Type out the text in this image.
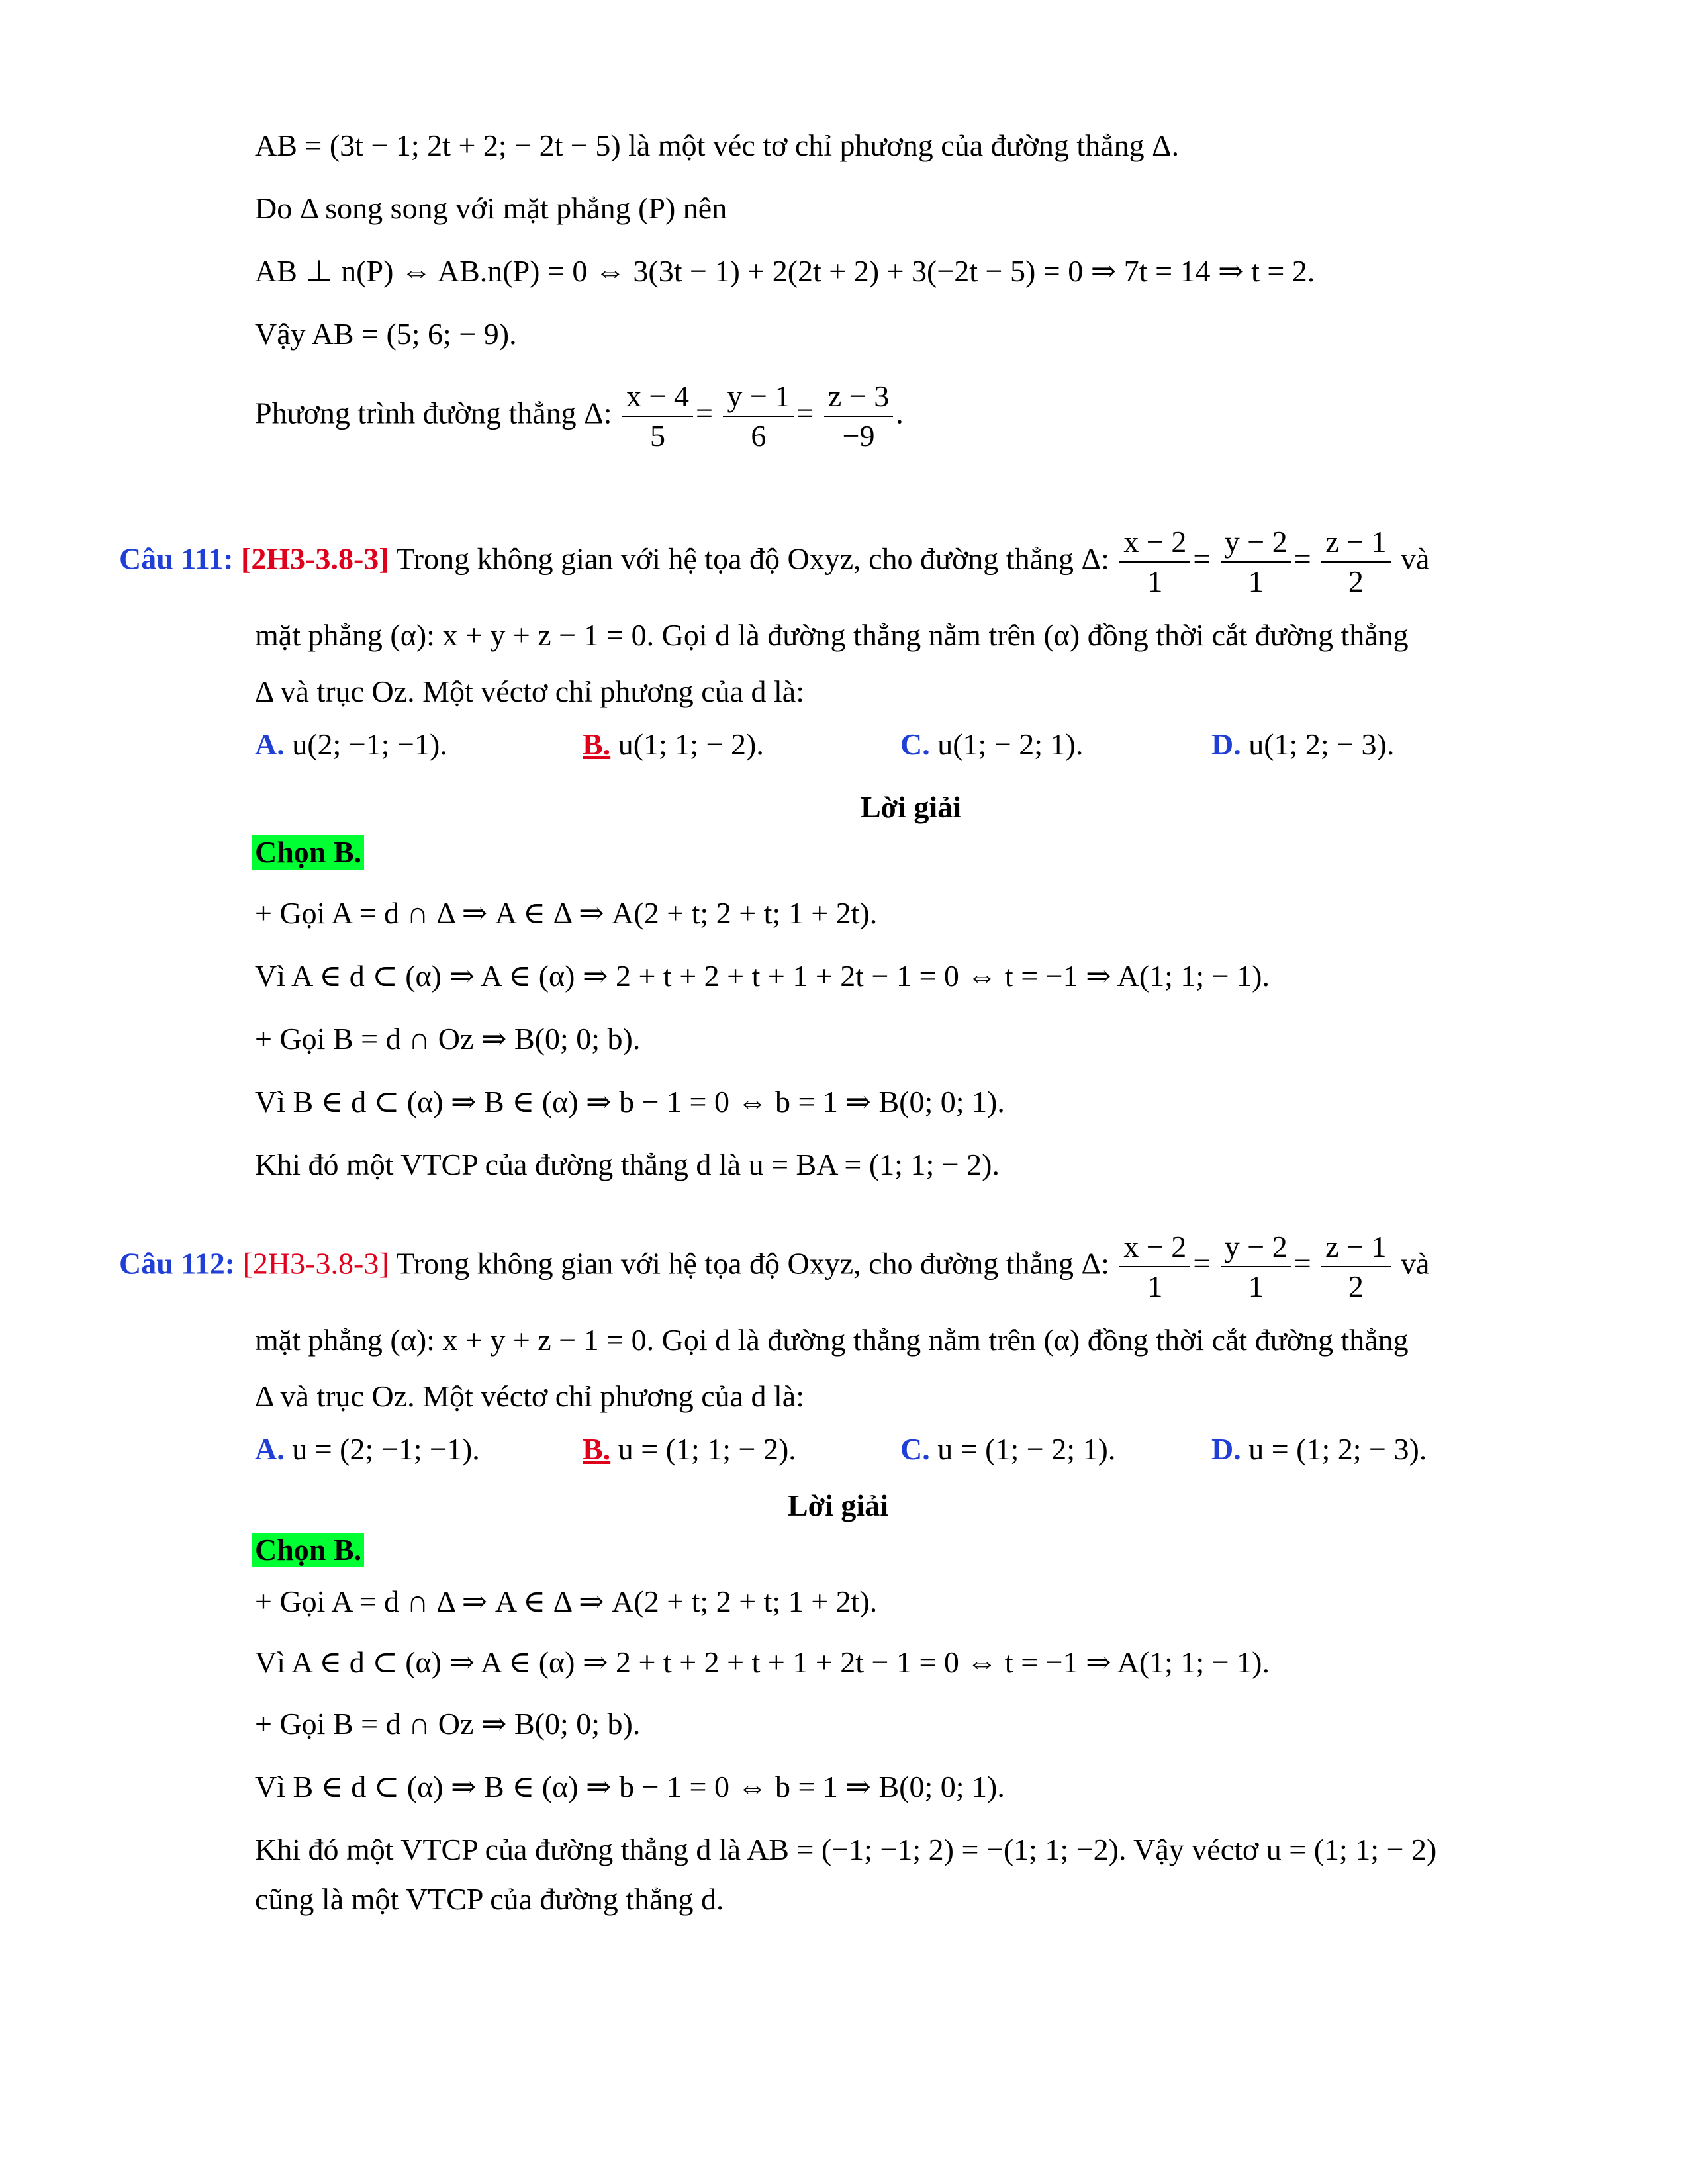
AB = (3t − 1; 2t + 2; − 2t − 5) là một véc tơ chỉ phương của đường thẳng Δ.
Do Δ song song với mặt phẳng (P) nên
AB ⊥ n(P) ⇔ AB.n(P) = 0 ⇔ 3(3t − 1) + 2(2t + 2) + 3(−2t − 5) = 0 ⇒ 7t = 14 ⇒ t = 2.
Vậy AB = (5; 6; − 9).
Phương trình đường thẳng Δ: $\frac{x - 4}{5} = \frac{y - 1}{6} = \frac{z - 3}{-9}$ .
Câu 111: [2H3-3.8-3] Trong không gian với hệ tọa độ Oxyz, cho đường thẳng Δ: $\frac{x - 2}{1} = \frac{y - 2}{1} = \frac{z - 1}{2}$ và
mặt phẳng (α): x + y + z − 1 = 0. Gọi d là đường thẳng nằm trên (α) đồng thời cắt đường thẳng
Δ và trục Oz. Một véctơ chỉ phương của d là:
A. u(2; −1; −1).	B. u(1; 1; − 2).	C. u(1; − 2; 1).	D. u(1; 2; − 3).
Lời giải
Chọn B.
+ Gọi A = d ∩ Δ ⇒ A ∈ Δ ⇒ A(2 + t; 2 + t; 1 + 2t).
Vì A ∈ d ⊂ (α) ⇒ A ∈ (α) ⇒ 2 + t + 2 + t + 1 + 2t − 1 = 0 ⇔ t = −1 ⇒ A(1; 1; − 1).
+ Gọi B = d ∩ Oz ⇒ B(0; 0; b).
Vì B ∈ d ⊂ (α) ⇒ B ∈ (α) ⇒ b − 1 = 0 ⇔ b = 1 ⇒ B(0; 0; 1).
Khi đó một VTCP của đường thẳng d là u = BA = (1; 1; − 2).
Câu 112: [2H3-3.8-3] Trong không gian với hệ tọa độ Oxyz, cho đường thẳng Δ: $\frac{x - 2}{1} = \frac{y - 2}{1} = \frac{z - 1}{2}$ và
mặt phẳng (α): x + y + z − 1 = 0. Gọi d là đường thẳng nằm trên (α) đồng thời cắt đường thẳng
Δ và trục Oz. Một véctơ chỉ phương của d là:
A. u = (2; −1; −1).	B. u = (1; 1; − 2).	C. u = (1; − 2; 1).	D. u = (1; 2; − 3).
Lời giải
Chọn B.
+ Gọi A = d ∩ Δ ⇒ A ∈ Δ ⇒ A(2 + t; 2 + t; 1 + 2t).
Vì A ∈ d ⊂ (α) ⇒ A ∈ (α) ⇒ 2 + t + 2 + t + 1 + 2t − 1 = 0 ⇔ t = −1 ⇒ A(1; 1; − 1).
+ Gọi B = d ∩ Oz ⇒ B(0; 0; b).
Vì B ∈ d ⊂ (α) ⇒ B ∈ (α) ⇒ b − 1 = 0 ⇔ b = 1 ⇒ B(0; 0; 1).
Khi đó một VTCP của đường thẳng d là AB = (−1; −1; 2) = −(1; 1; −2). Vậy véctơ u = (1; 1; − 2)
cũng là một VTCP của đường thẳng d.
